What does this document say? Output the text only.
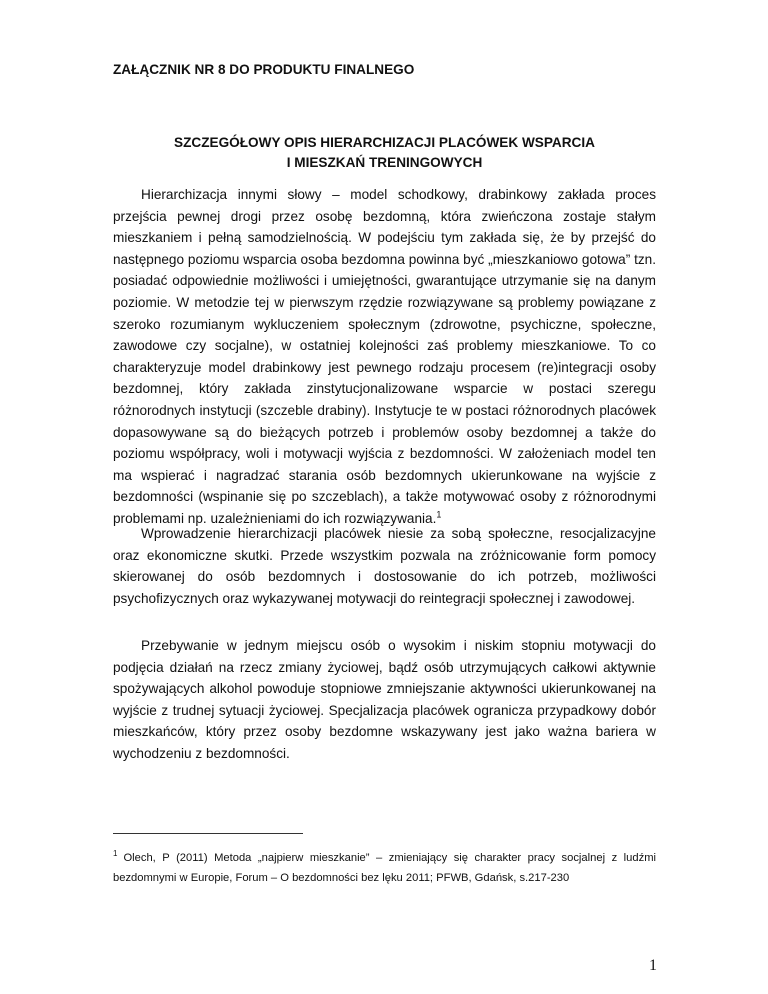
ZAŁĄCZNIK NR 8 DO PRODUKTU FINALNEGO
SZCZEGÓŁOWY OPIS HIERARCHIZACJI PLACÓWEK WSPARCIA
I MIESZKAŃ TRENINGOWYCH

Hierarchizacja innymi słowy – model schodkowy, drabinkowy zakłada proces przejścia pewnej drogi przez osobę bezdomną, która zwieńczona zostaje stałym mieszkaniem i pełną samodzielnością. W podejściu tym zakłada się, że by przejść do następnego poziomu wsparcia osoba bezdomna powinna być „mieszkaniowo gotowa” tzn. posiadać odpowiednie możliwości i umiejętności, gwarantujące utrzymanie się na danym poziomie. W metodzie tej w pierwszym rzędzie rozwiązywane są problemy powiązane z szeroko rozumianym wykluczeniem społecznym (zdrowotne, psychiczne, społeczne, zawodowe czy socjalne), w ostatniej kolejności zaś problemy mieszkaniowe. To co charakteryzuje model drabinkowy jest pewnego rodzaju procesem (re)integracji osoby bezdomnej, który zakłada zinstytucjonalizowane wsparcie w postaci szeregu różnorodnych instytucji (szczeble drabiny). Instytucje te w postaci różnorodnych placówek dopasowywane są do bieżących potrzeb i problemów osoby bezdomnej a także do poziomu współpracy, woli i motywacji wyjścia z bezdomności. W założeniach model ten ma wspierać i nagradzać starania osób bezdomnych ukierunkowane na wyjście z bezdomności (wspinanie się po szczeblach), a także motywować osoby z różnorodnymi problemami np. uzależnieniami do ich rozwiązywania.$^1$

Wprowadzenie hierarchizacji placówek niesie za sobą społeczne, resocjalizacyjne oraz ekonomiczne skutki. Przede wszystkim pozwala na zróżnicowanie form pomocy skierowanej do osób bezdomnych i dostosowanie do ich potrzeb, możliwości psychofizycznych oraz wykazywanej motywacji do reintegracji społecznej i zawodowej.

Przebywanie w jednym miejscu osób o wysokim i niskim stopniu motywacji do podjęcia działań na rzecz zmiany życiowej, bądź osób utrzymujących całkowi aktywnie spożywających alkohol powoduje stopniowe zmniejszanie aktywności ukierunkowanej na wyjście z trudnej sytuacji życiowej. Specjalizacja placówek ogranicza przypadkowy dobór mieszkańców, który przez osoby bezdomne wskazywany jest jako ważna bariera w wychodzeniu z bezdomności.

$^1$ Olech, P (2011) Metoda „najpierw mieszkanie” – zmieniający się charakter pracy socjalnej z ludźmi bezdomnymi w Europie, Forum – O bezdomności bez lęku 2011; PFWB, Gdańsk, s.217-230

1
